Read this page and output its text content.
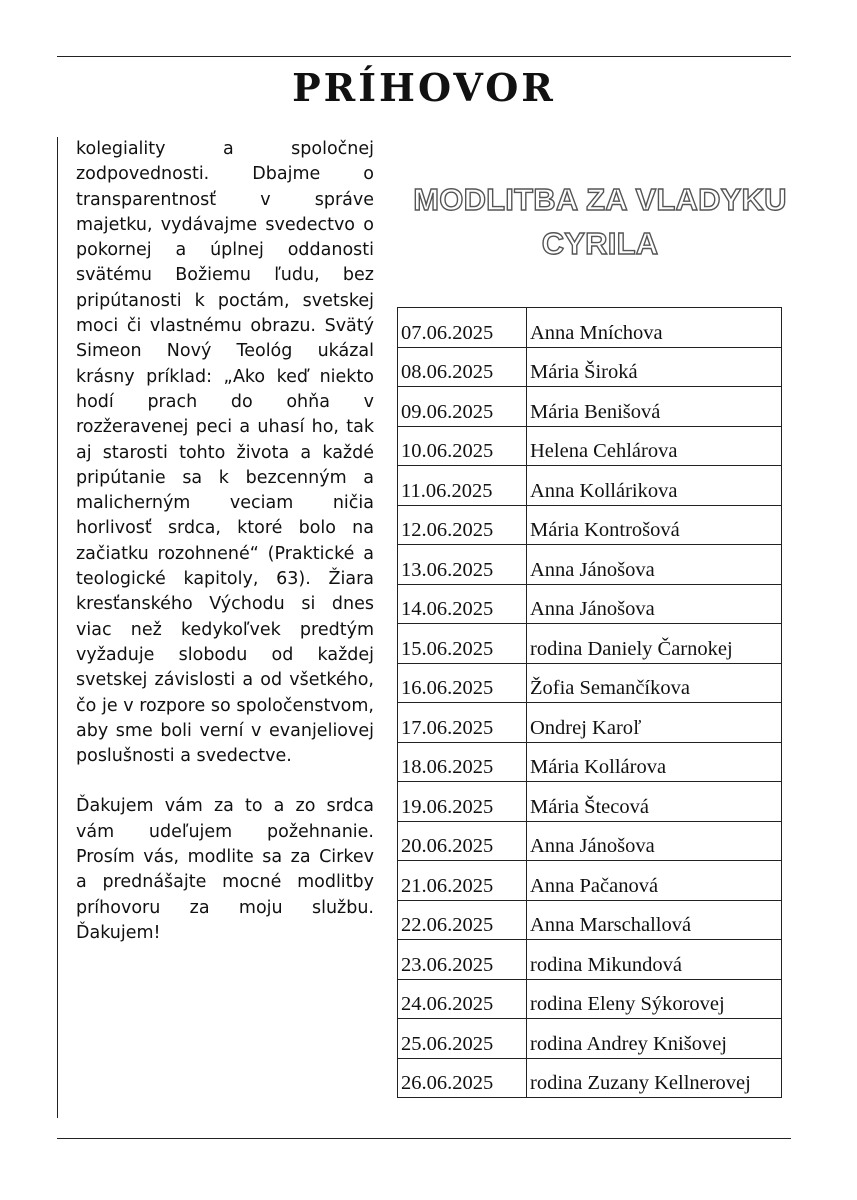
PRÍHOVOR

kolegiality a spoločnej zodpovednosti. Dbajme o transparentnosť v správe majetku, vydávajme svedectvo o pokornej a úplnej oddanosti svätému Božiemu ľudu, bez pripútanosti k poctám, svetskej moci či vlastnému obrazu. Svätý Simeon Nový Teológ ukázal krásny príklad: „Ako keď niekto hodí prach do ohňa v rozžeravenej peci a uhasí ho, tak aj starosti tohto života a každé pripútanie sa k bezcenným a malicherným veciam ničia horlivosť srdca, ktoré bolo na začiatku rozohnené“ (Praktické a teologické kapitoly, 63). Žiara kresťanského Východu si dnes viac než kedykoľvek predtým vyžaduje slobodu od každej svetskej závislosti a od všetkého, čo je v rozpore so spoločenstvom, aby sme boli verní v evanjeliovej poslušnosti a svedectve.

Ďakujem vám za to a zo srdca vám udeľujem požehnanie. Prosím vás, modlite sa za Cirkev a prednášajte mocné modlitby príhovoru za moju službu. Ďakujem!

MODLITBA ZA VLADYKU
CYRILA
07.06.2025	Anna Mníchova
08.06.2025	Mária Široká
09.06.2025	Mária Benišová
10.06.2025	Helena Cehlárova
11.06.2025	Anna Kollárikova
12.06.2025	Mária Kontrošová
13.06.2025	Anna Jánošova
14.06.2025	Anna Jánošova
15.06.2025	rodina Daniely Čarnokej
16.06.2025	Žofia Semančíkova
17.06.2025	Ondrej Karoľ
18.06.2025	Mária Kollárova
19.06.2025	Mária Štecová
20.06.2025	Anna Jánošova
21.06.2025	Anna Pačanová
22.06.2025	Anna Marschallová
23.06.2025	rodina Mikundová
24.06.2025	rodina Eleny Sýkorovej
25.06.2025	rodina Andrey Knišovej
26.06.2025	rodina Zuzany Kellnerovej
